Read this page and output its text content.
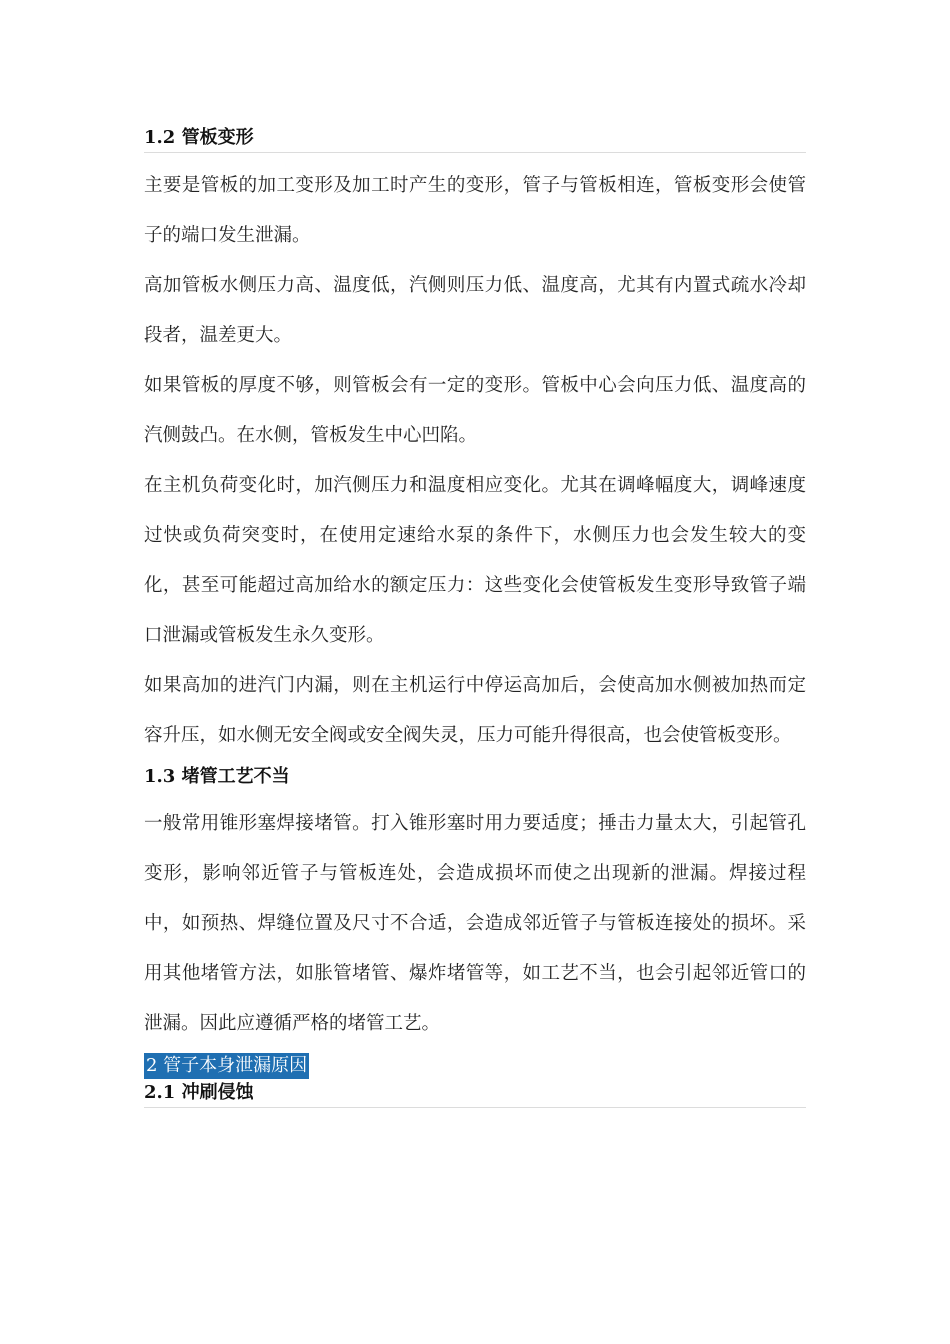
1.2 管板变形

主要是管板的加工变形及加工时产生的变形，管子与管板相连，管板变形会使管子的端口发生泄漏。

高加管板水侧压力高、温度低，汽侧则压力低、温度高，尤其有内置式疏水冷却段者，温差更大。

如果管板的厚度不够，则管板会有一定的变形。管板中心会向压力低、温度高的汽侧鼓凸。在水侧，管板发生中心凹陷。

在主机负荷变化时，加汽侧压力和温度相应变化。尤其在调峰幅度大，调峰速度过快或负荷突变时，在使用定速给水泵的条件下，水侧压力也会发生较大的变化，甚至可能超过高加给水的额定压力：这些变化会使管板发生变形导致管子端口泄漏或管板发生永久变形。

如果高加的进汽门内漏，则在主机运行中停运高加后，会使高加水侧被加热而定容升压，如水侧无安全阀或安全阀失灵，压力可能升得很高，也会使管板变形。

1.3 堵管工艺不当

一般常用锥形塞焊接堵管。打入锥形塞时用力要适度；捶击力量太大，引起管孔变形，影响邻近管子与管板连处，会造成损坏而使之出现新的泄漏。焊接过程中，如预热、焊缝位置及尺寸不合适，会造成邻近管子与管板连接处的损坏。采用其他堵管方法，如胀管堵管、爆炸堵管等，如工艺不当，也会引起邻近管口的泄漏。因此应遵循严格的堵管工艺。

2 管子本身泄漏原因
2.1 冲刷侵蚀
